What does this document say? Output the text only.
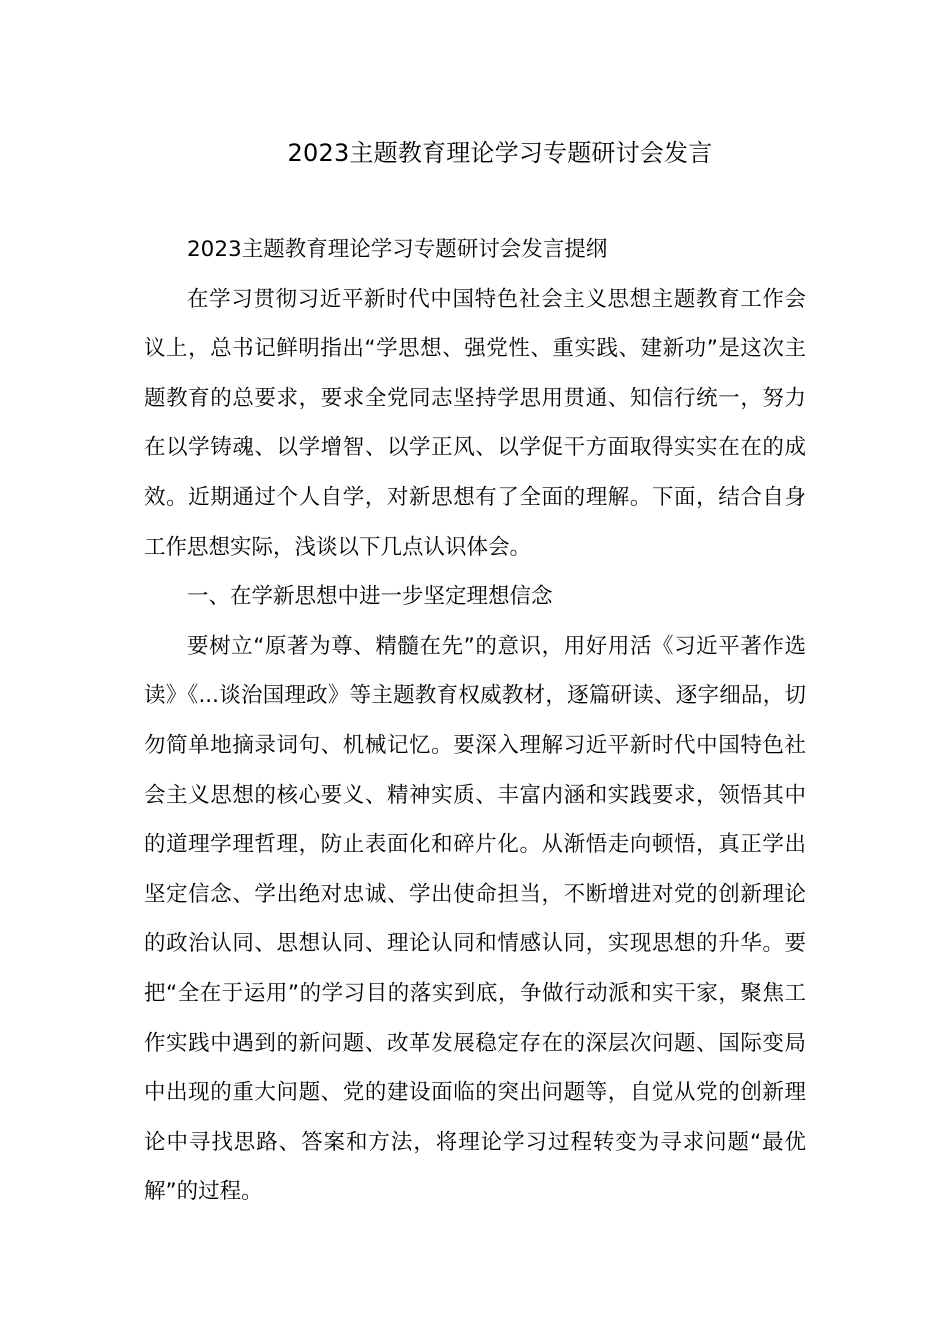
2023主题教育理论学习专题研讨会发言

2023主题教育理论学习专题研讨会发言提纲

在学习贯彻习近平新时代中国特色社会主义思想主题教育工作会议上，总书记鲜明指出“学思想、强党性、重实践、建新功”是这次主题教育的总要求，要求全党同志坚持学思用贯通、知信行统一，努力在以学铸魂、以学增智、以学正风、以学促干方面取得实实在在的成效。近期通过个人自学，对新思想有了全面的理解。下面，结合自身工作思想实际，浅谈以下几点认识体会。

一、在学新思想中进一步坚定理想信念

要树立“原著为尊、精髓在先”的意识，用好用活《习近平著作选读》《...谈治国理政》等主题教育权威教材，逐篇研读、逐字细品，切勿简单地摘录词句、机械记忆。要深入理解习近平新时代中国特色社会主义思想的核心要义、精神实质、丰富内涵和实践要求，领悟其中的道理学理哲理，防止表面化和碎片化。从渐悟走向顿悟，真正学出坚定信念、学出绝对忠诚、学出使命担当，不断增进对党的创新理论的政治认同、思想认同、理论认同和情感认同，实现思想的升华。要把“全在于运用”的学习目的落实到底，争做行动派和实干家，聚焦工作实践中遇到的新问题、改革发展稳定存在的深层次问题、国际变局中出现的重大问题、党的建设面临的突出问题等，自觉从党的创新理论中寻找思路、答案和方法，将理论学习过程转变为寻求问题“最优解”的过程。
